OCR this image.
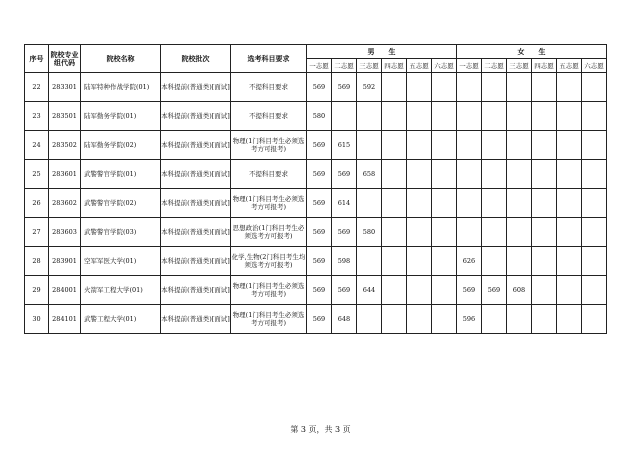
序号	院校专业组代码	院校名称	院校批次	选考科目要求	男　　生						女　　生					
					一志愿	二志愿	三志愿	四志愿	五志愿	六志愿	一志愿	二志愿	三志愿	四志愿	五志愿	六志愿
22	283301	陆军特种作战学院(01)	本科提前(普通类)[面试]	不提科目要求	569	569	592									
23	283501	陆军勤务学院(01)	本科提前(普通类)[面试]	不提科目要求	580											
24	283502	陆军勤务学院(02)	本科提前(普通类)[面试]	物理(1门科目考生必须选考方可报考)	569	615										
25	283601	武警警官学院(01)	本科提前(普通类)[面试]	不提科目要求	569	569	658									
26	283602	武警警官学院(02)	本科提前(普通类)[面试]	物理(1门科目考生必须选考方可报考)	569	614										
27	283603	武警警官学院(03)	本科提前(普通类)[面试]	思想政治(1门科目考生必须选考方可报考)	569	569	580									
28	283901	空军军医大学(01)	本科提前(普通类)[面试]	化学,生物(2门科目考生均须选考方可报考)	569	598					626					
29	284001	火箭军工程大学(01)	本科提前(普通类)[面试]	物理(1门科目考生必须选考方可报考)	569	569	644				569	569	608			
30	284101	武警工程大学(01)	本科提前(普通类)[面试]	物理(1门科目考生必须选考方可报考)	569	648					596					
第 3 页，共 3 页
